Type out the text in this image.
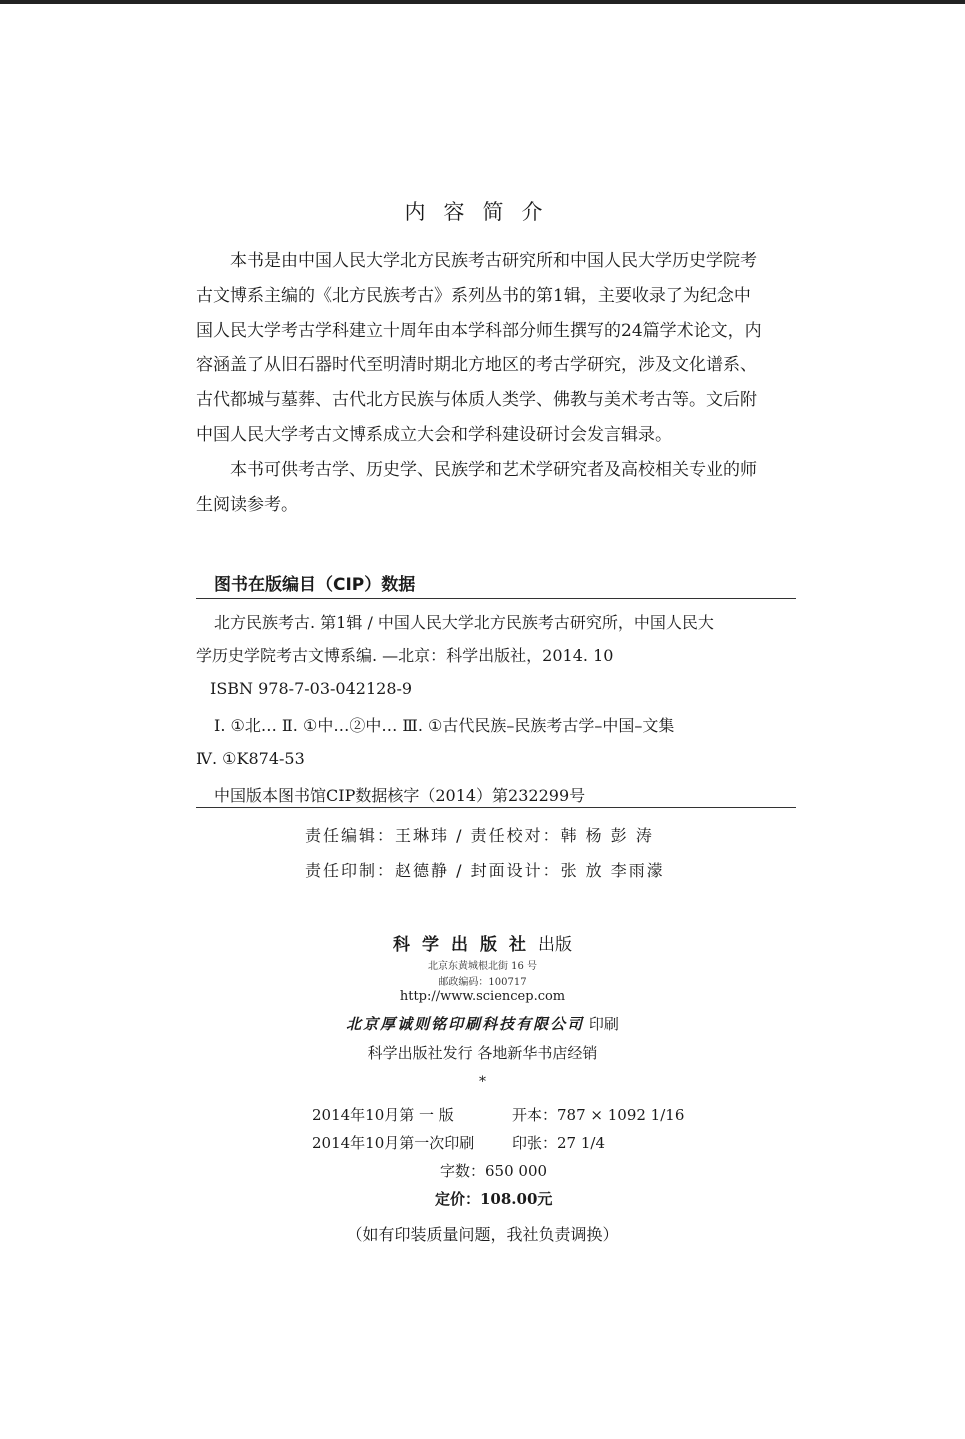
内容简介
本书是由中国人民大学北方民族考古研究所和中国人民大学历史学院考
古文博系主编的《北方民族考古》系列丛书的第1辑，主要收录了为纪念中
国人民大学考古学科建立十周年由本学科部分师生撰写的24篇学术论文，内
容涵盖了从旧石器时代至明清时期北方地区的考古学研究，涉及文化谱系、
古代都城与墓葬、古代北方民族与体质人类学、佛教与美术考古等。文后附
中国人民大学考古文博系成立大会和学科建设研讨会发言辑录。
本书可供考古学、历史学、民族学和艺术学研究者及高校相关专业的师
生阅读参考。
图书在版编目（CIP）数据
北方民族考古. 第1辑 / 中国人民大学北方民族考古研究所，中国人民大
学历史学院考古文博系编. —北京：科学出版社，2014. 10
ISBN 978-7-03-042128-9
Ⅰ. ①北… Ⅱ. ①中…②中… Ⅲ. ①古代民族–民族考古学–中国–文集
Ⅳ. ①K874-53
中国版本图书馆CIP数据核字（2014）第232299号
责任编辑：王琳玮 / 责任校对：韩 杨 彭 涛
责任印制：赵德静 / 封面设计：张 放 李雨濛
科学出版社出版
北京东黄城根北街 16 号
邮政编码：100717
http://www.sciencep.com
北京厚诚则铭印刷科技有限公司 印刷
科学出版社发行 各地新华书店经销
*
2014年10月第 一 版	开本：787 × 1092 1/16
2014年10月第一次印刷	印张：27 1/4
字数：650 000
定价：108.00元
（如有印装质量问题，我社负责调换）
